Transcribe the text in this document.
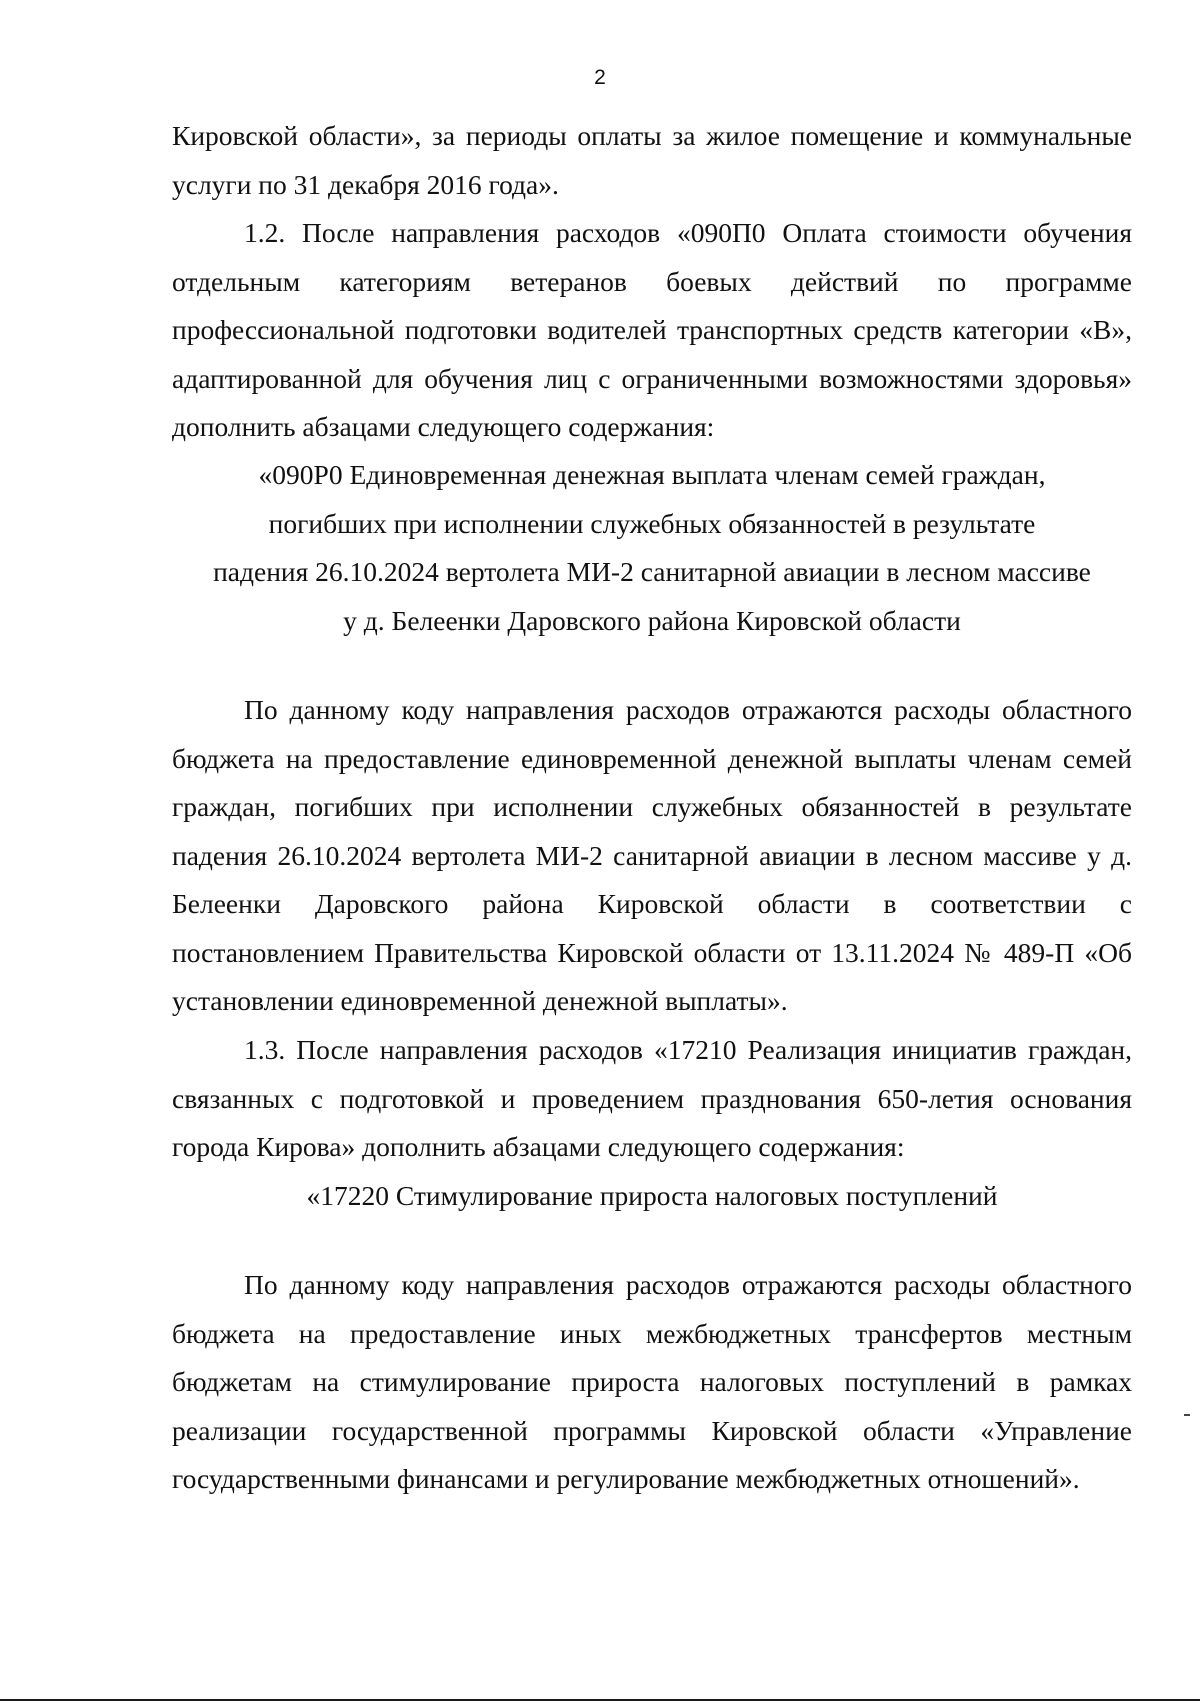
2

Кировской области», за периоды оплаты за жилое помещение и коммунальные услуги по 31 декабря 2016 года».

1.2. После направления расходов «090П0 Оплата стоимости обучения отдельным категориям ветеранов боевых действий по программе профессиональной подготовки водителей транспортных средств категории «В», адаптированной для обучения лиц с ограниченными возможностями здоровья» дополнить абзацами следующего содержания:

«090Р0 Единовременная денежная выплата членам семей граждан,

погибших при исполнении служебных обязанностей в результате

падения 26.10.2024 вертолета МИ-2 санитарной авиации в лесном массиве

у д. Белеенки Даровского района Кировской области

По данному коду направления расходов отражаются расходы областного бюджета на предоставление единовременной денежной выплаты членам семей граждан, погибших при исполнении служебных обязанностей в результате падения 26.10.2024 вертолета МИ-2 санитарной авиации в лесном массиве у д. Белеенки Даровского района Кировской области в соответствии с постановлением Правительства Кировской области от 13.11.2024 № 489-П «Об установлении единовременной денежной выплаты».

1.3. После направления расходов «17210 Реализация инициатив граждан, связанных с подготовкой и проведением празднования 650-летия основания города Кирова» дополнить абзацами следующего содержания:

«17220 Стимулирование прироста налоговых поступлений

По данному коду направления расходов отражаются расходы областного бюджета на предоставление иных межбюджетных трансфертов местным бюджетам на стимулирование прироста налоговых поступлений в рамках реализации государственной программы Кировской области «Управление государственными финансами и регулирование межбюджетных отношений».
